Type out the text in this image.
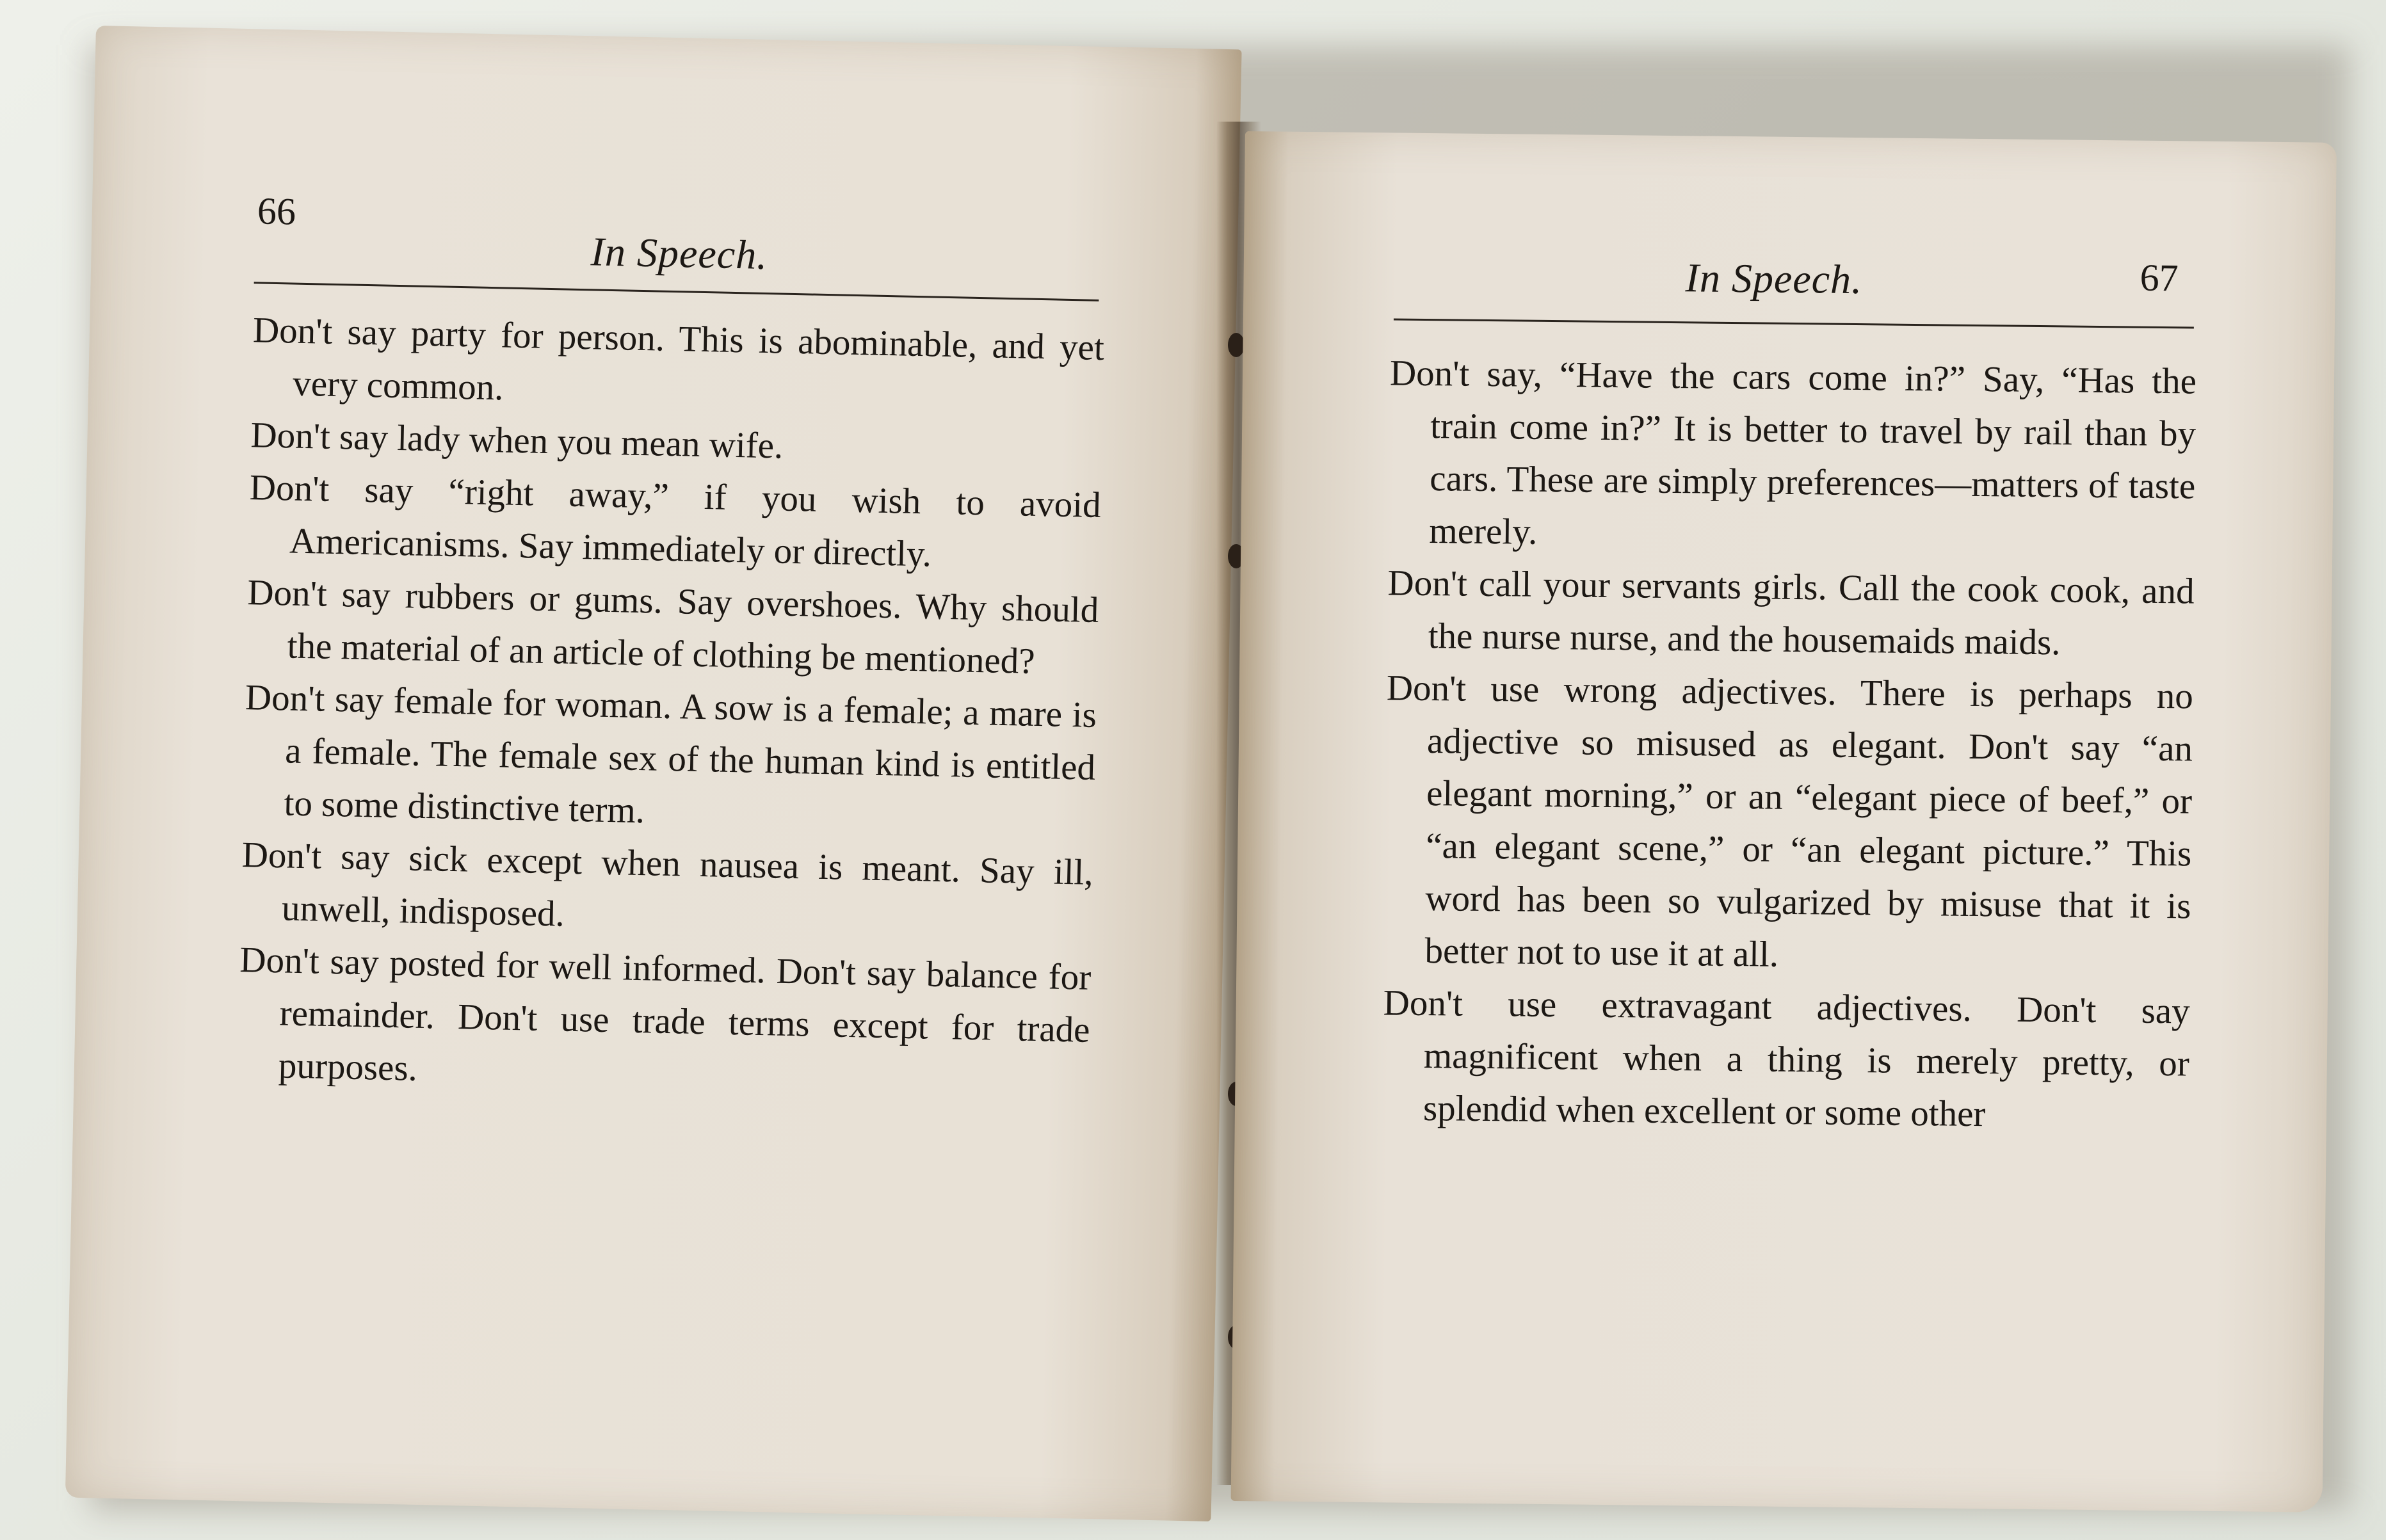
66
In Speech.

Don't say party for person. This is abominable, and yet very common.

Don't say lady when you mean wife.

Don't say “right away,” if you wish to avoid Americanisms. Say immediately or directly.

Don't say rubbers or gums. Say overshoes. Why should the material of an article of clothing be mentioned?

Don't say female for woman. A sow is a female; a mare is a female. The female sex of the human kind is entitled to some distinctive term.

Don't say sick except when nausea is meant. Say ill, unwell, indisposed.

Don't say posted for well informed. Don't say balance for remainder. Don't use trade terms except for trade purposes.

In Speech.	67

Don't say, “Have the cars come in?” Say, “Has the train come in?” It is better to travel by rail than by cars. These are simply preferences—matters of taste merely.

Don't call your servants girls. Call the cook cook, and the nurse nurse, and the housemaids maids.

Don't use wrong adjectives. There is perhaps no adjective so misused as elegant. Don't say “an elegant morning,” or an “elegant piece of beef,” or “an elegant scene,” or “an elegant picture.” This word has been so vulgarized by misuse that it is better not to use it at all.

Don't use extravagant adjectives. Don't say magnificent when a thing is merely pretty, or splendid when excellent or some other
